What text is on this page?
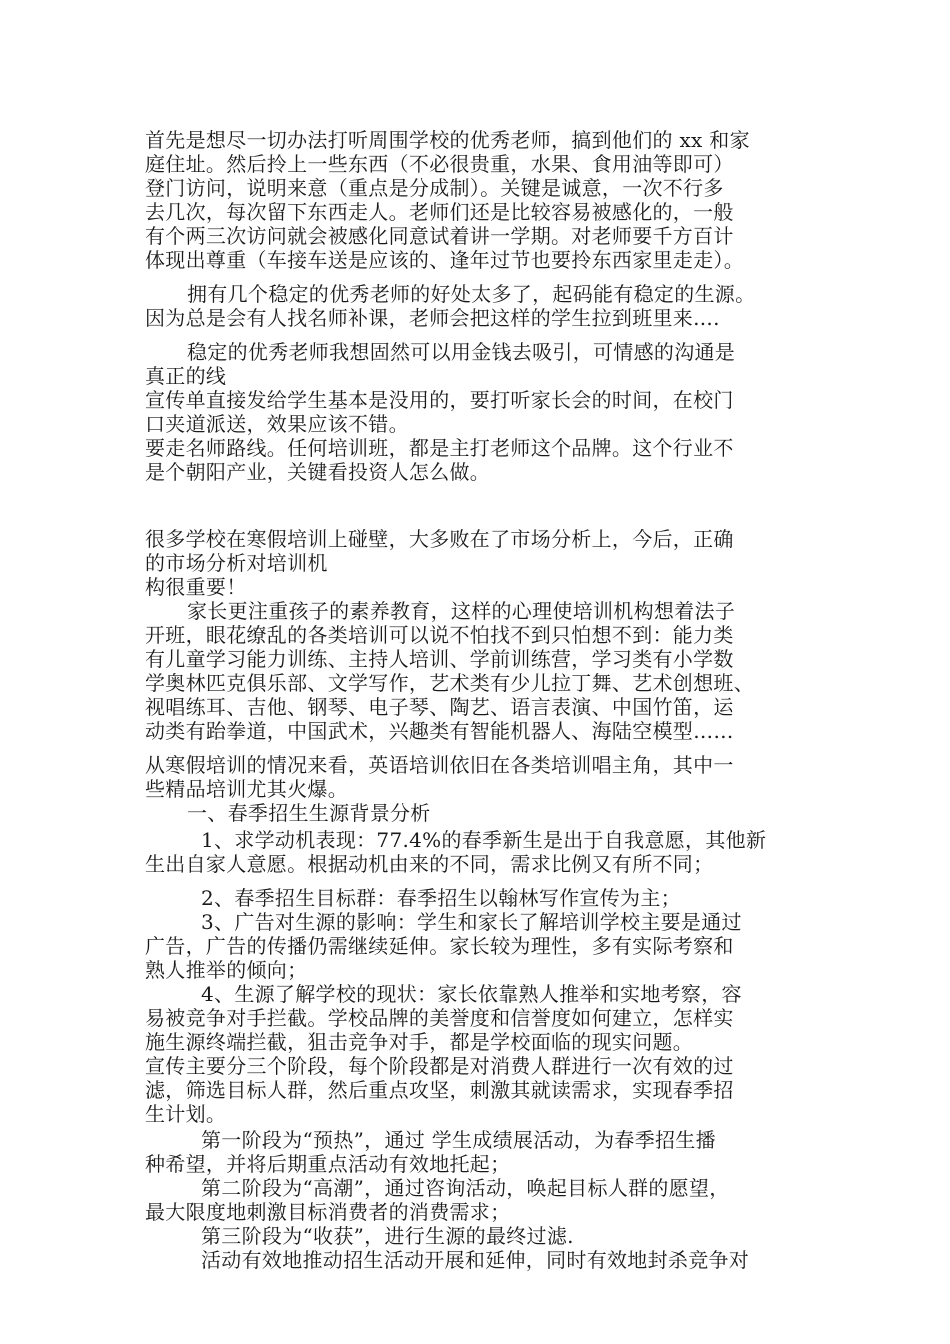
首先是想尽一切办法打听周围学校的优秀老师，搞到他们的 xx 和家
庭住址。然后拎上一些东西（不必很贵重，水果、食用油等即可）
登门访问，说明来意（重点是分成制）。关键是诚意，一次不行多
去几次，每次留下东西走人。老师们还是比较容易被感化的，一般
有个两三次访问就会被感化同意试着讲一学期。对老师要千方百计
体现出尊重（车接车送是应该的、逢年过节也要拎东西家里走走）。
拥有几个稳定的优秀老师的好处太多了，起码能有稳定的生源。
因为总是会有人找名师补课，老师会把这样的学生拉到班里来....
稳定的优秀老师我想固然可以用金钱去吸引，可情感的沟通是
真正的线
宣传单直接发给学生基本是没用的，要打听家长会的时间，在校门
口夹道派送，效果应该不错。
要走名师路线。任何培训班，都是主打老师这个品牌。这个行业不
是个朝阳产业，关键看投资人怎么做。
很多学校在寒假培训上碰壁，大多败在了市场分析上，今后，正确
的市场分析对培训机
构很重要！
家长更注重孩子的素养教育，这样的心理使培训机构想着法子
开班，眼花缭乱的各类培训可以说不怕找不到只怕想不到：能力类
有儿童学习能力训练、主持人培训、学前训练营，学习类有小学数
学奥林匹克俱乐部、文学写作，艺术类有少儿拉丁舞、艺术创想班、
视唱练耳、吉他、钢琴、电子琴、陶艺、语言表演、中国竹笛，运
动类有跆拳道，中国武术，兴趣类有智能机器人、海陆空模型……
从寒假培训的情况来看，英语培训依旧在各类培训唱主角，其中一
些精品培训尤其火爆。
一、春季招生生源背景分析
1、求学动机表现：77.4%的春季新生是出于自我意愿，其他新
生出自家人意愿。根据动机由来的不同，需求比例又有所不同；
2、春季招生目标群：春季招生以翰林写作宣传为主；
3、广告对生源的影响：学生和家长了解培训学校主要是通过
广告，广告的传播仍需继续延伸。家长较为理性，多有实际考察和
熟人推举的倾向；
4、生源了解学校的现状：家长依靠熟人推举和实地考察，容
易被竞争对手拦截。学校品牌的美誉度和信誉度如何建立，怎样实
施生源终端拦截，狙击竞争对手，都是学校面临的现实问题。
宣传主要分三个阶段，每个阶段都是对消费人群进行一次有效的过
滤，筛选目标人群，然后重点攻坚，刺激其就读需求，实现春季招
生计划。
第一阶段为“预热”，通过 学生成绩展活动，为春季招生播
种希望，并将后期重点活动有效地托起；
第二阶段为“高潮”，通过咨询活动，唤起目标人群的愿望，
最大限度地刺激目标消费者的消费需求；
第三阶段为“收获”，进行生源的最终过滤.
活动有效地推动招生活动开展和延伸，同时有效地封杀竞争对
